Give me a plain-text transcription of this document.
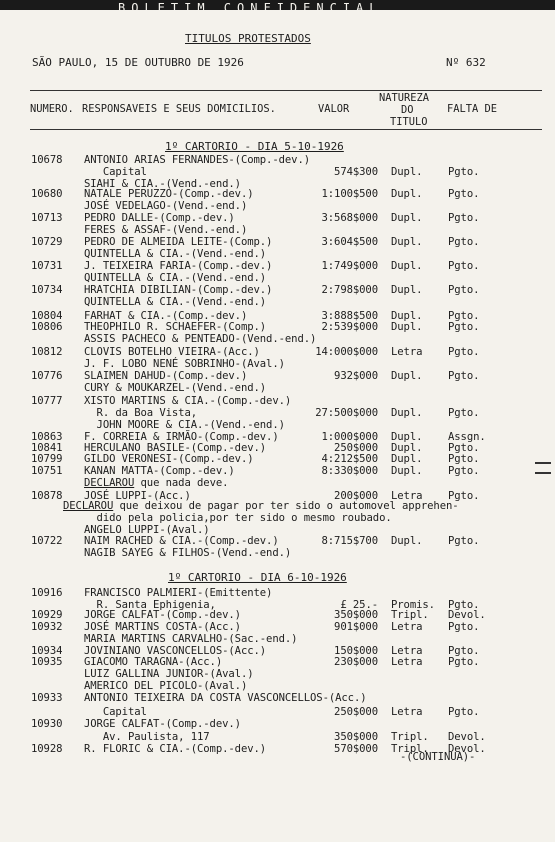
BOLETIM CONFIDENCIAL
TITULOS PROTESTADOS
SÃO PAULO, 15 DE OUTUBRO DE 1926	Nº 632
NUMERO. RESPONSAVEIS E SEUS DOMICILIOS.	VALOR
NATUREZA
DO
TITULO
FALTA DE
1º CARTORIO - DIA 5-10-1926
1º CARTORIO - DIA 6-10-1926
10678 ANTONIO ARIAS FERNANDES-(Comp.-dev.)
Capital	574$300 Dupl. Pgto.
SIAHI & CIA.-(Vend.-end.)
10680 NATALE PERUZZO-(Comp.-dev.)	1:100$500 Dupl. Pgto.
JOSÉ VEDELAGO-(Vend.-end.)
10713 PEDRO DALLE-(Comp.-dev.)	3:568$000 Dupl. Pgto.
FERES & ASSAF-(Vend.-end.)
10729 PEDRO DE ALMEIDA LEITE-(Comp.)	3:604$500 Dupl. Pgto.
QUINTELLA & CIA.-(Vend.-end.)
10731 J. TEIXEIRA FARIA-(Comp.-dev.)	1:749$000 Dupl. Pgto.
QUINTELLA & CIA.-(Vend.-end.)
10734 HRATCHIA DIBILIAN-(Comp.-dev.)	2:798$000 Dupl. Pgto.
QUINTELLA & CIA.-(Vend.-end.)
10804 FARHAT & CIA.-(Comp.-dev.)	3:888$500 Dupl. Pgto.
10806 THEOPHILO R. SCHAEFER-(Comp.)	2:539$000 Dupl. Pgto.
ASSIS PACHECO & PENTEADO-(Vend.-end.)
10812 CLOVIS BOTELHO VIEIRA-(Acc.)	14:000$000 Letra Pgto.
J. F. LOBO NENÉ SOBRINHO-(Aval.)
10776 SLAIMEN DAHUD-(Comp.-dev.)	932$000 Dupl. Pgto.
CURY & MOUKARZEL-(Vend.-end.)
10777 XISTO MARTINS & CIA.-(Comp.-dev.)
R. da Boa Vista,	27:500$000 Dupl. Pgto.
JOHN MOORE & CIA.-(Vend.-end.)
10863 F. CORREIA & IRMÃO-(Comp.-dev.)	1:000$000 Dupl. Assgn.
10841 HERCULANO BASILE-(Comp.-dev.)	250$000 Dupl. Pgto.
10799 GILDO VERONESI-(Comp.-dev.)	4:212$500 Dupl. Pgto.
10751 KANAN MATTA-(Comp.-dev.)	8:330$000 Dupl. Pgto.
DECLAROU que nada deve.
10878 JOSÉ LUPPI-(Acc.)	200$000 Letra Pgto.
DECLAROU que deixou de pagar por ter sido o automovel apprehen-
dido pela policia,por ter sido o mesmo roubado.
ANGELO LUPPI-(Aval.)
10722 NAIM RACHED & CIA.-(Comp.-dev.)	8:715$700 Dupl. Pgto.
NAGIB SAYEG & FILHOS-(Vend.-end.)
10916 FRANCISCO PALMIERI-(Emittente)
R. Santa Ephigenia,	£ 25.- Promis. Pgto.
10929 JORGE CALFAT-(Comp.-dev.)	350$000 Tripl. Devol.
10932 JOSÉ MARTINS COSTA-(Acc.)	901$000 Letra Pgto.
MARIA MARTINS CARVALHO-(Sac.-end.)
10934 JOVINIANO VASCONCELLOS-(Acc.)	150$000 Letra Pgto.
10935 GIACOMO TARAGNA-(Acc.)	230$000 Letra Pgto.
LUIZ GALLINA JUNIOR-(Aval.)
AMERICO DEL PICOLO-(Aval.)
10933 ANTONIO TEIXEIRA DA COSTA VASCONCELLOS-(Acc.)
Capital	250$000 Letra Pgto.
10930 JORGE CALFAT-(Comp.-dev.)
Av. Paulista, 117	350$000 Tripl. Devol.
10928 R. FLORIC & CIA.-(Comp.-dev.)	570$000 Tripl. Devol.
-(CONTINUA)-
